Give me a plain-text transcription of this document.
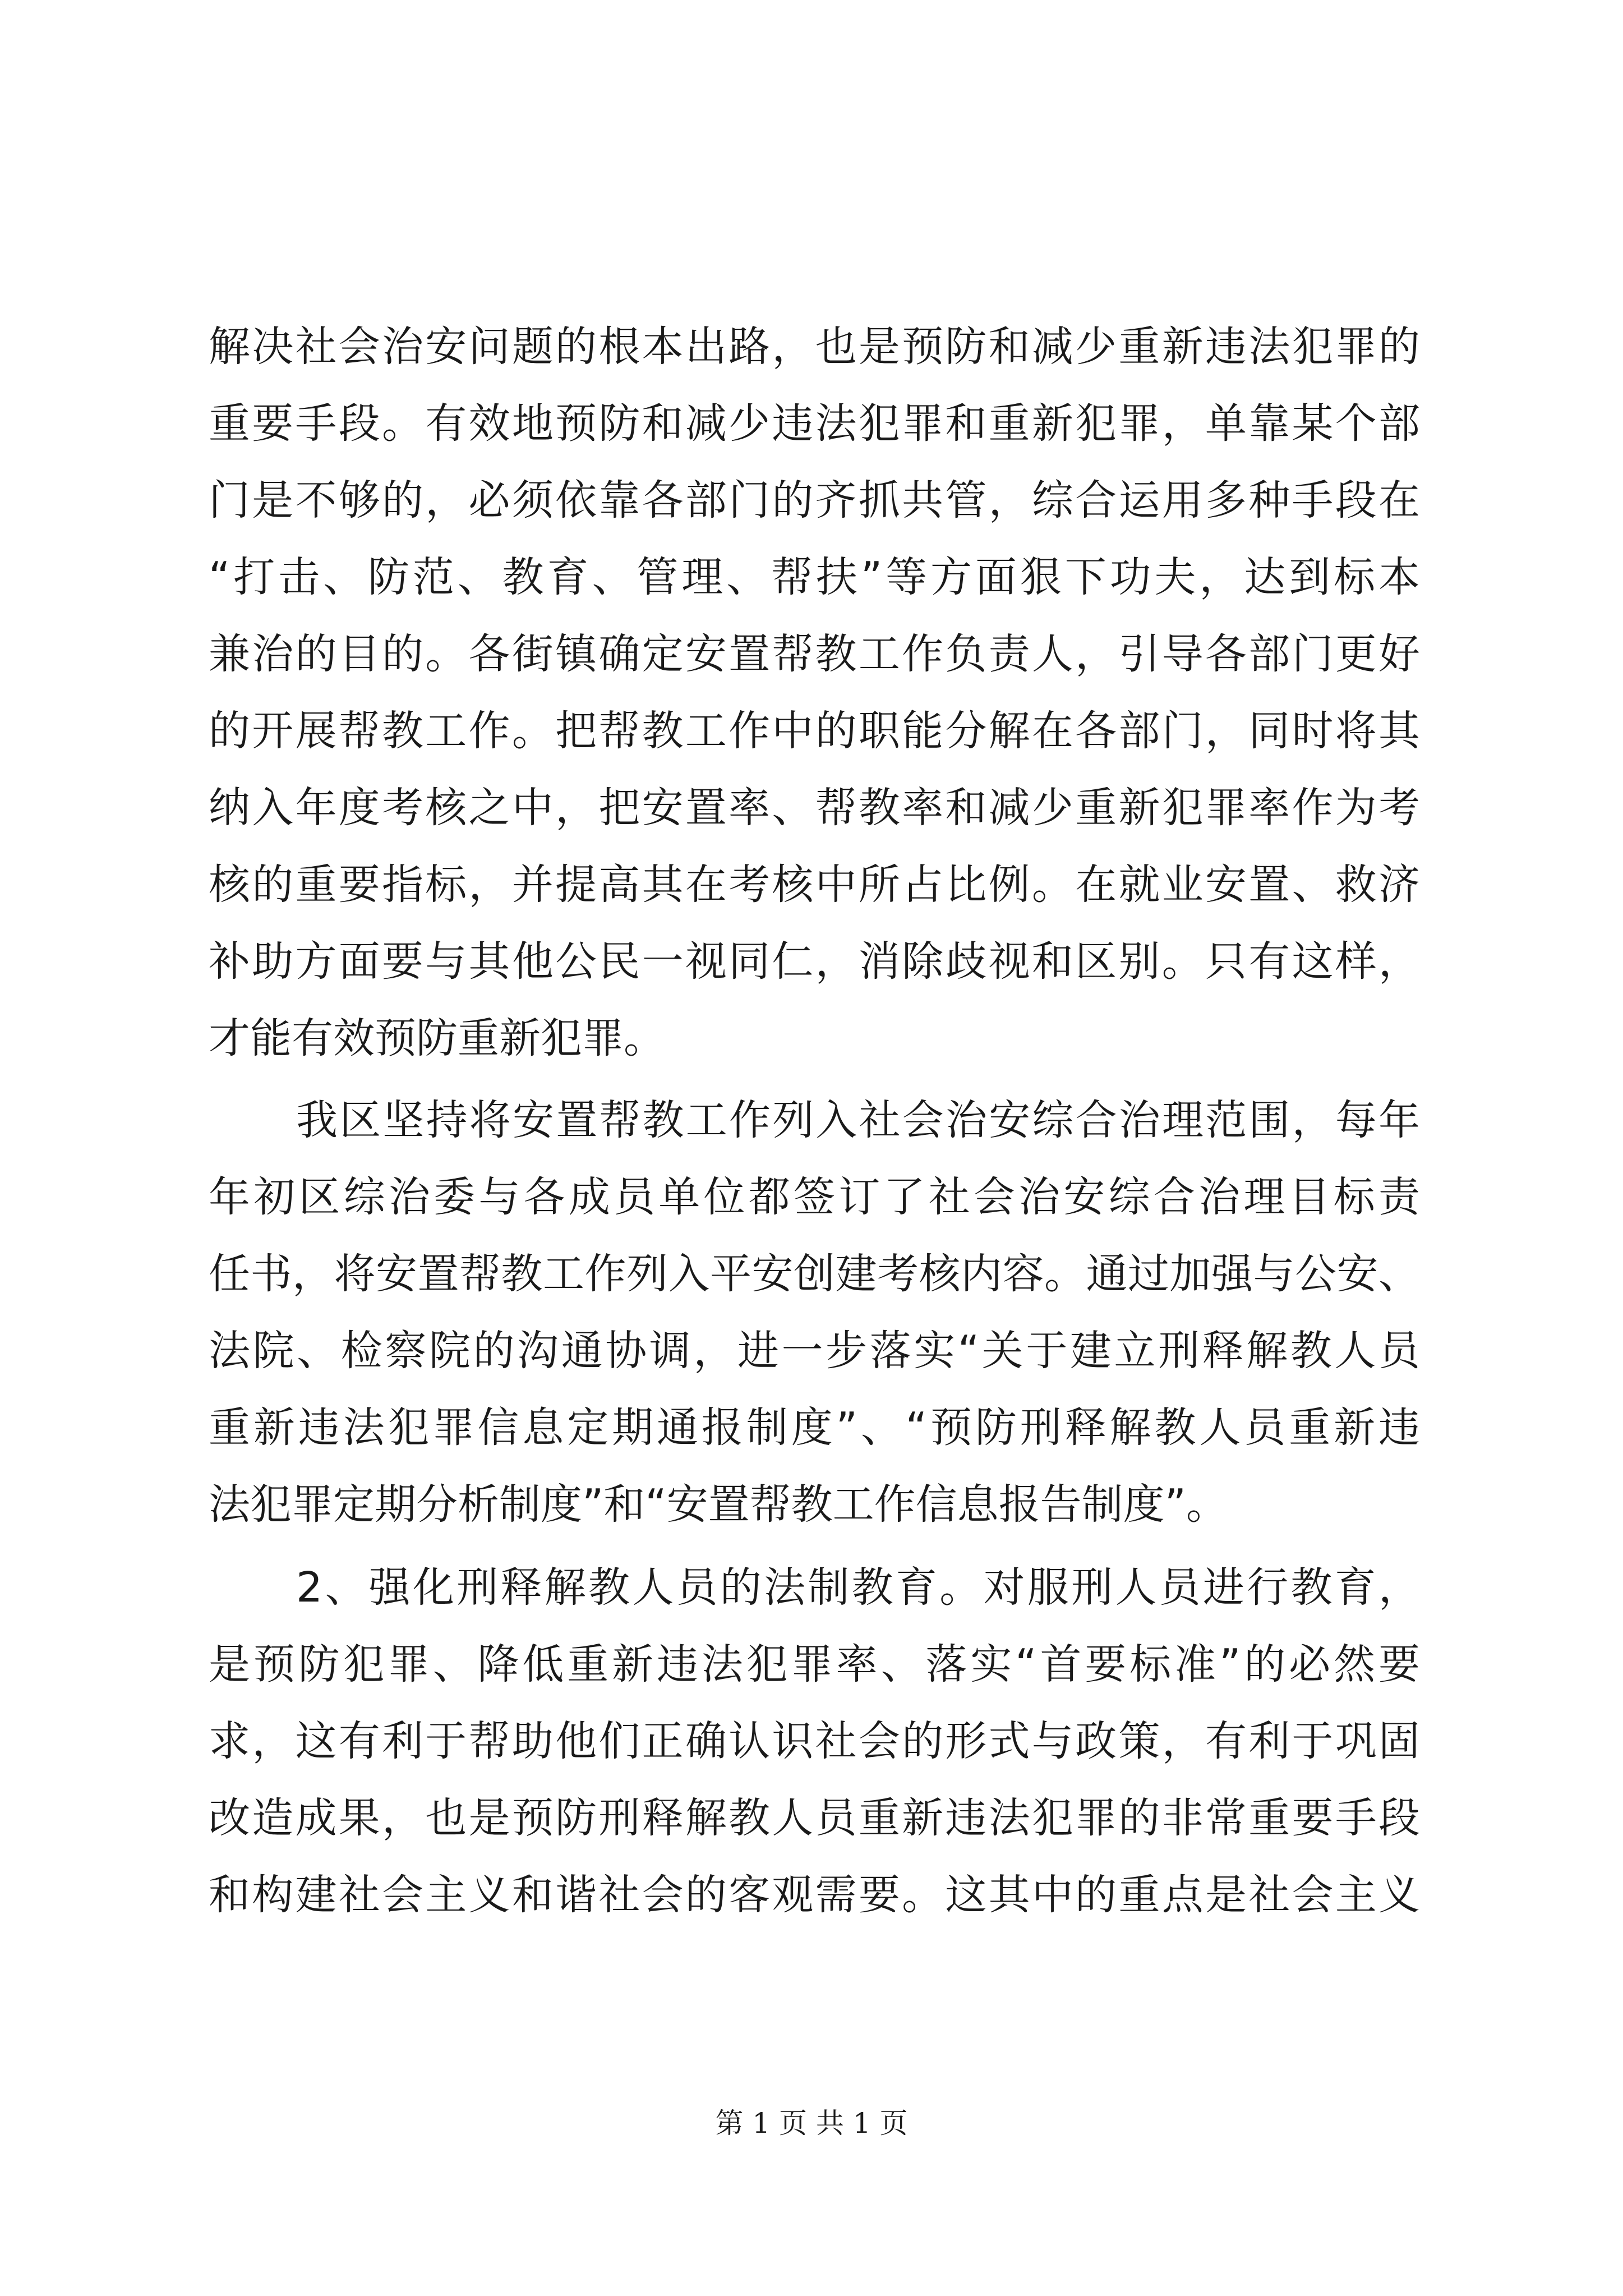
解决社会治安问题的根本出路，也是预防和减少重新违法犯罪的
重要手段。有效地预防和减少违法犯罪和重新犯罪，单靠某个部
门是不够的，必须依靠各部门的齐抓共管，综合运用多种手段在
“打击、防范、教育、管理、帮扶”等方面狠下功夫，达到标本
兼治的目的。各街镇确定安置帮教工作负责人，引导各部门更好
的开展帮教工作。把帮教工作中的职能分解在各部门，同时将其
纳入年度考核之中，把安置率、帮教率和减少重新犯罪率作为考
核的重要指标，并提高其在考核中所占比例。在就业安置、救济
补助方面要与其他公民一视同仁，消除歧视和区别。只有这样，
才能有效预防重新犯罪。
我区坚持将安置帮教工作列入社会治安综合治理范围，每年
年初区综治委与各成员单位都签订了社会治安综合治理目标责
任书，将安置帮教工作列入平安创建考核内容。通过加强与公安、
法院、检察院的沟通协调，进一步落实“关于建立刑释解教人员
重新违法犯罪信息定期通报制度”、“预防刑释解教人员重新违
法犯罪定期分析制度”和“安置帮教工作信息报告制度”。
2、强化刑释解教人员的法制教育。对服刑人员进行教育，
是预防犯罪、降低重新违法犯罪率、落实“首要标准”的必然要
求，这有利于帮助他们正确认识社会的形式与政策，有利于巩固
改造成果，也是预防刑释解教人员重新违法犯罪的非常重要手段
和构建社会主义和谐社会的客观需要。这其中的重点是社会主义
第 1 页 共 1 页
